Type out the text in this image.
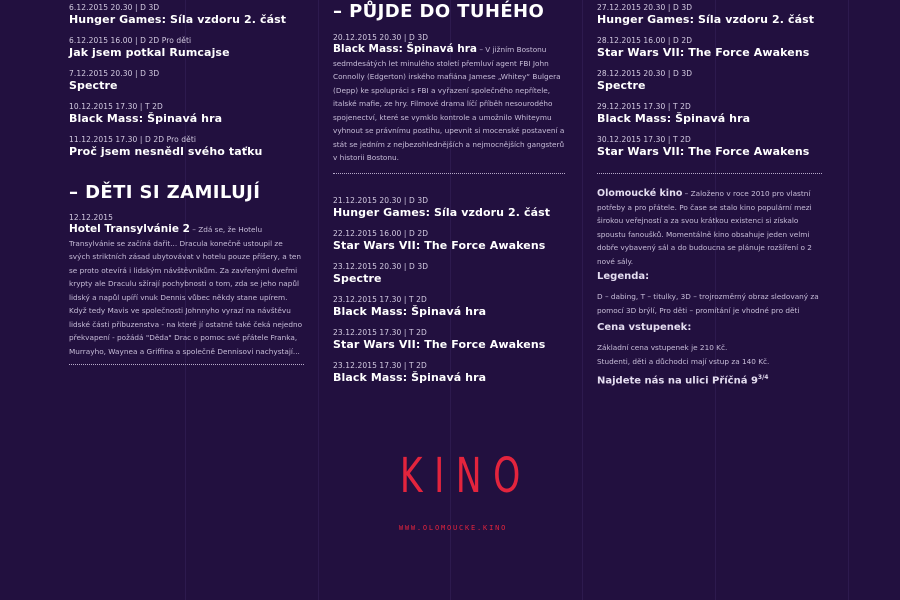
6.12.2015 20.30 | D 3D
Hunger Games: Síla vzdoru 2. část
6.12.2015 16.00 | D 2D Pro děti
Jak jsem potkal Rumcajse
7.12.2015 20.30 | D 3D
Spectre
10.12.2015 17.30 | T 2D
Black Mass: Špinavá hra
11.12.2015 17.30 | D 2D Pro děti
Proč jsem nesnědl svého taťku
– DĚTI SI ZAMILUJÍ
12.12.2015
Hotel Transylvánie 2 – Zdá se, že Hotelu Transylvánie se začíná dařit... Dracula konečně ustoupil ze svých striktních zásad ubytovávat v hotelu pouze příšery, a ten se proto otevírá i lidským návštěvníkům. Za zavřenými dveřmi krypty ale Draculu sžírají pochybnosti o tom, zda se jeho napůl lidský a napůl upíří vnuk Dennis vůbec někdy stane upírem. Když tedy Mavis ve společnosti Johnnyho vyrazí na návštěvu lidské části příbuzenstva - na které jí ostatně také čeká nejedno překvapení - požádá "Děda" Drac o pomoc své přátele Franka, Murrayho, Waynea a Griffina a společně Dennisovi nachystají...
– PŮJDE DO TUHÉHO
20.12.2015 20.30 | D 3D
Black Mass: Špinavá hra – V jižním Bostonu sedmdesátých let minulého století přemluví agent FBI John Connolly (Edgerton) irského mafiána Jamese „Whitey“ Bulgera (Depp) ke spolupráci s FBI a vyřazení společného nepřítele, italské mafie, ze hry. Filmové drama líčí příběh nesourodého spojenectví, které se vymklo kontrole a umožnilo Whiteymu vyhnout se právnímu postihu, upevnit si mocenské postavení a stát se jedním z nejbezohlednějších a nejmocnějších gangsterů v historii Bostonu.
21.12.2015 20.30 | D 3D
Hunger Games: Síla vzdoru 2. část
22.12.2015 16.00 | D 2D
Star Wars VII: The Force Awakens
23.12.2015 20.30 | D 3D
Spectre
23.12.2015 17.30 | T 2D
Black Mass: Špinavá hra
23.12.2015 17.30 | T 2D
Star Wars VII: The Force Awakens
23.12.2015 17.30 | T 2D
Black Mass: Špinavá hra
27.12.2015 20.30 | D 3D
Hunger Games: Síla vzdoru 2. část
28.12.2015 16.00 | D 2D
Star Wars VII: The Force Awakens
28.12.2015 20.30 | D 3D
Spectre
29.12.2015 17.30 | T 2D
Black Mass: Špinavá hra
30.12.2015 17.30 | T 2D
Star Wars VII: The Force Awakens
Olomoucké kino – Založeno v roce 2010 pro vlastní potřeby a pro přátele. Po čase se stalo kino populární mezi širokou veřejností a za svou krátkou existenci si získalo spoustu fanoušků. Momentálně kino obsahuje jeden velmi dobře vybavený sál a do budoucna se plánuje rozšíření o 2 nové sály.
Legenda:
D – dabing, T – titulky, 3D – trojrozměrný obraz sledovaný za pomocí 3D brýlí, Pro děti – promítání je vhodné pro děti
Cena vstupenek:
Základní cena vstupenek je 210 Kč.
Studenti, děti a důchodci mají vstup za 140 Kč.
Najdete nás na ulici Příčná $9^{3/4}$
KINO
WWW.OLOMOUCKE.KINO
